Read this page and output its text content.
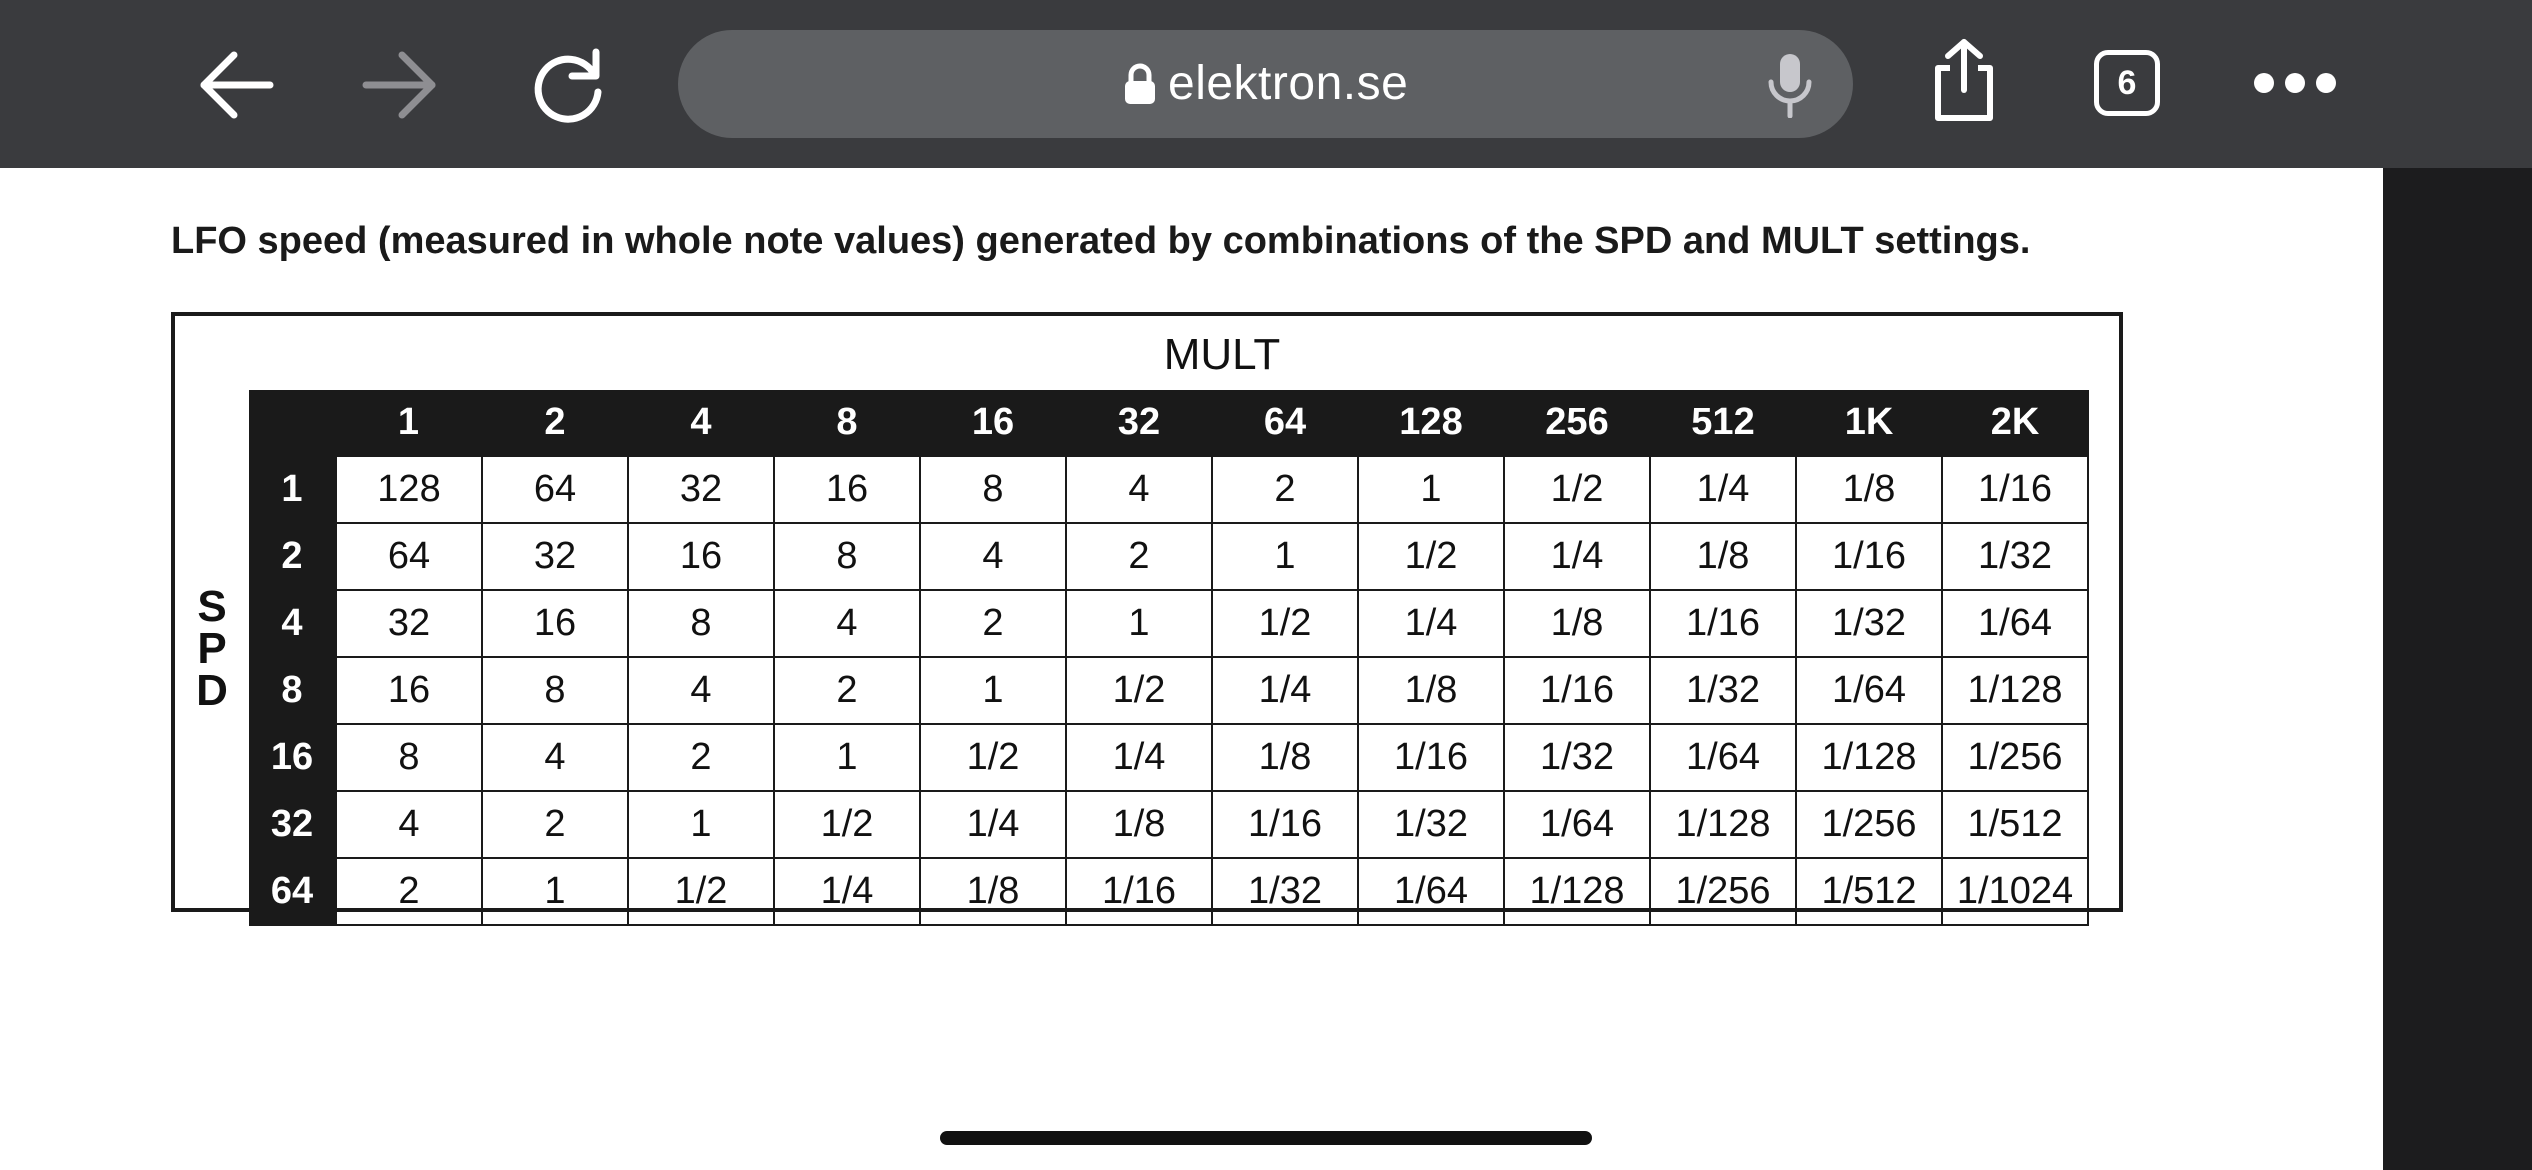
elektron.se	6
LFO speed (measured in whole note values) generated by combinations of the SPD and MULT settings.
MULT
S
P
D
	1	2	4	8	16	32	64	128	256	512	1K	2K
1	128	64	32	16	8	4	2	1	1/2	1/4	1/8	1/16
2	64	32	16	8	4	2	1	1/2	1/4	1/8	1/16	1/32
4	32	16	8	4	2	1	1/2	1/4	1/8	1/16	1/32	1/64
8	16	8	4	2	1	1/2	1/4	1/8	1/16	1/32	1/64	1/128
16	8	4	2	1	1/2	1/4	1/8	1/16	1/32	1/64	1/128	1/256
32	4	2	1	1/2	1/4	1/8	1/16	1/32	1/64	1/128	1/256	1/512
64	2	1	1/2	1/4	1/8	1/16	1/32	1/64	1/128	1/256	1/512	1/1024
